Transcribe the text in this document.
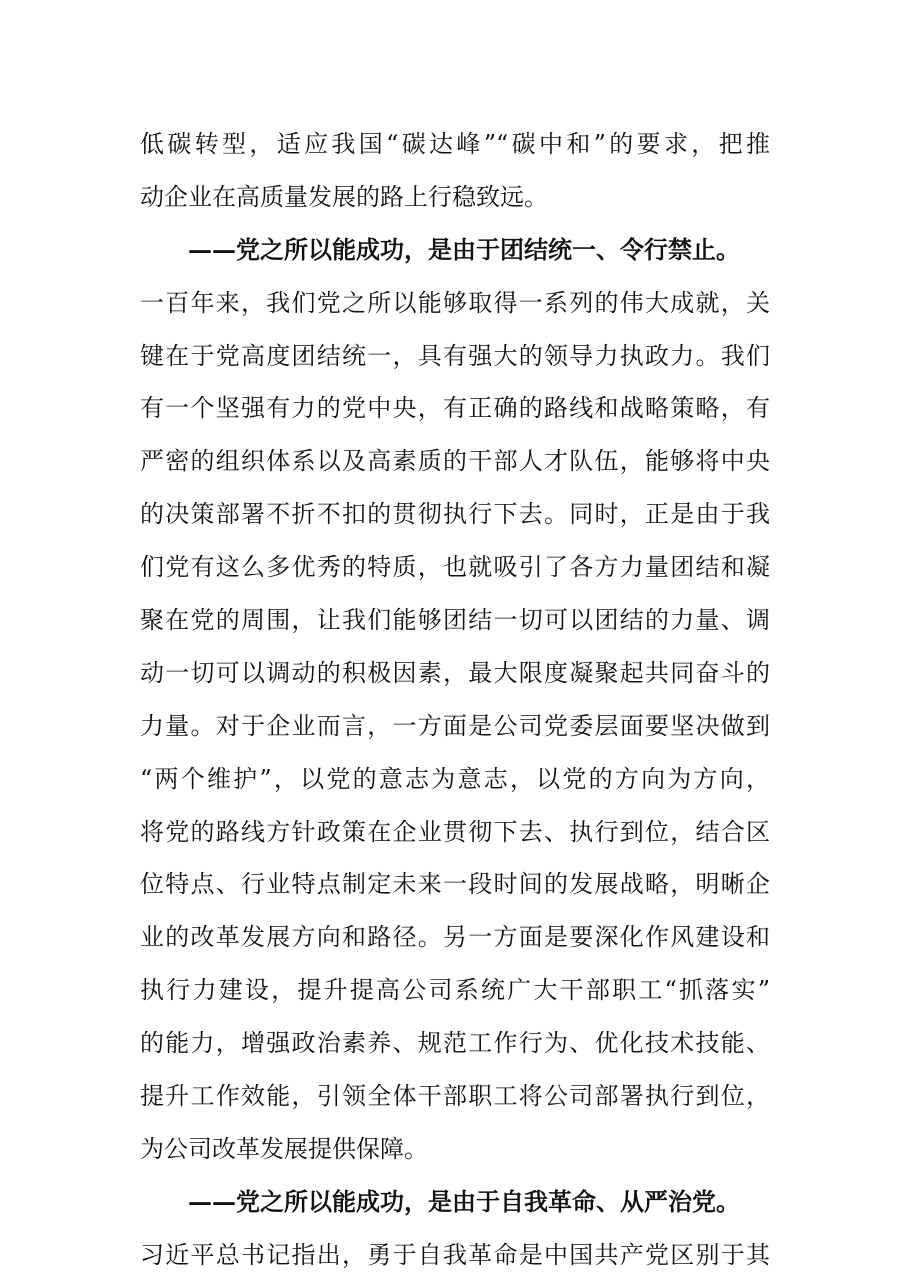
低碳转型，适应我国“碳达峰”“碳中和”的要求，把推
动企业在高质量发展的路上行稳致远。
——党之所以能成功，是由于团结统一、令行禁止。
一百年来，我们党之所以能够取得一系列的伟大成就，关
键在于党高度团结统一，具有强大的领导力执政力。我们
有一个坚强有力的党中央，有正确的路线和战略策略，有
严密的组织体系以及高素质的干部人才队伍，能够将中央
的决策部署不折不扣的贯彻执行下去。同时，正是由于我
们党有这么多优秀的特质，也就吸引了各方力量团结和凝
聚在党的周围，让我们能够团结一切可以团结的力量、调
动一切可以调动的积极因素，最大限度凝聚起共同奋斗的
力量。对于企业而言，一方面是公司党委层面要坚决做到
“两个维护”，以党的意志为意志，以党的方向为方向，
将党的路线方针政策在企业贯彻下去、执行到位，结合区
位特点、行业特点制定未来一段时间的发展战略，明晰企
业的改革发展方向和路径。另一方面是要深化作风建设和
执行力建设，提升提高公司系统广大干部职工“抓落实”
的能力，增强政治素养、规范工作行为、优化技术技能、
提升工作效能，引领全体干部职工将公司部署执行到位，
为公司改革发展提供保障。
——党之所以能成功，是由于自我革命、从严治党。
习近平总书记指出，勇于自我革命是中国共产党区别于其
